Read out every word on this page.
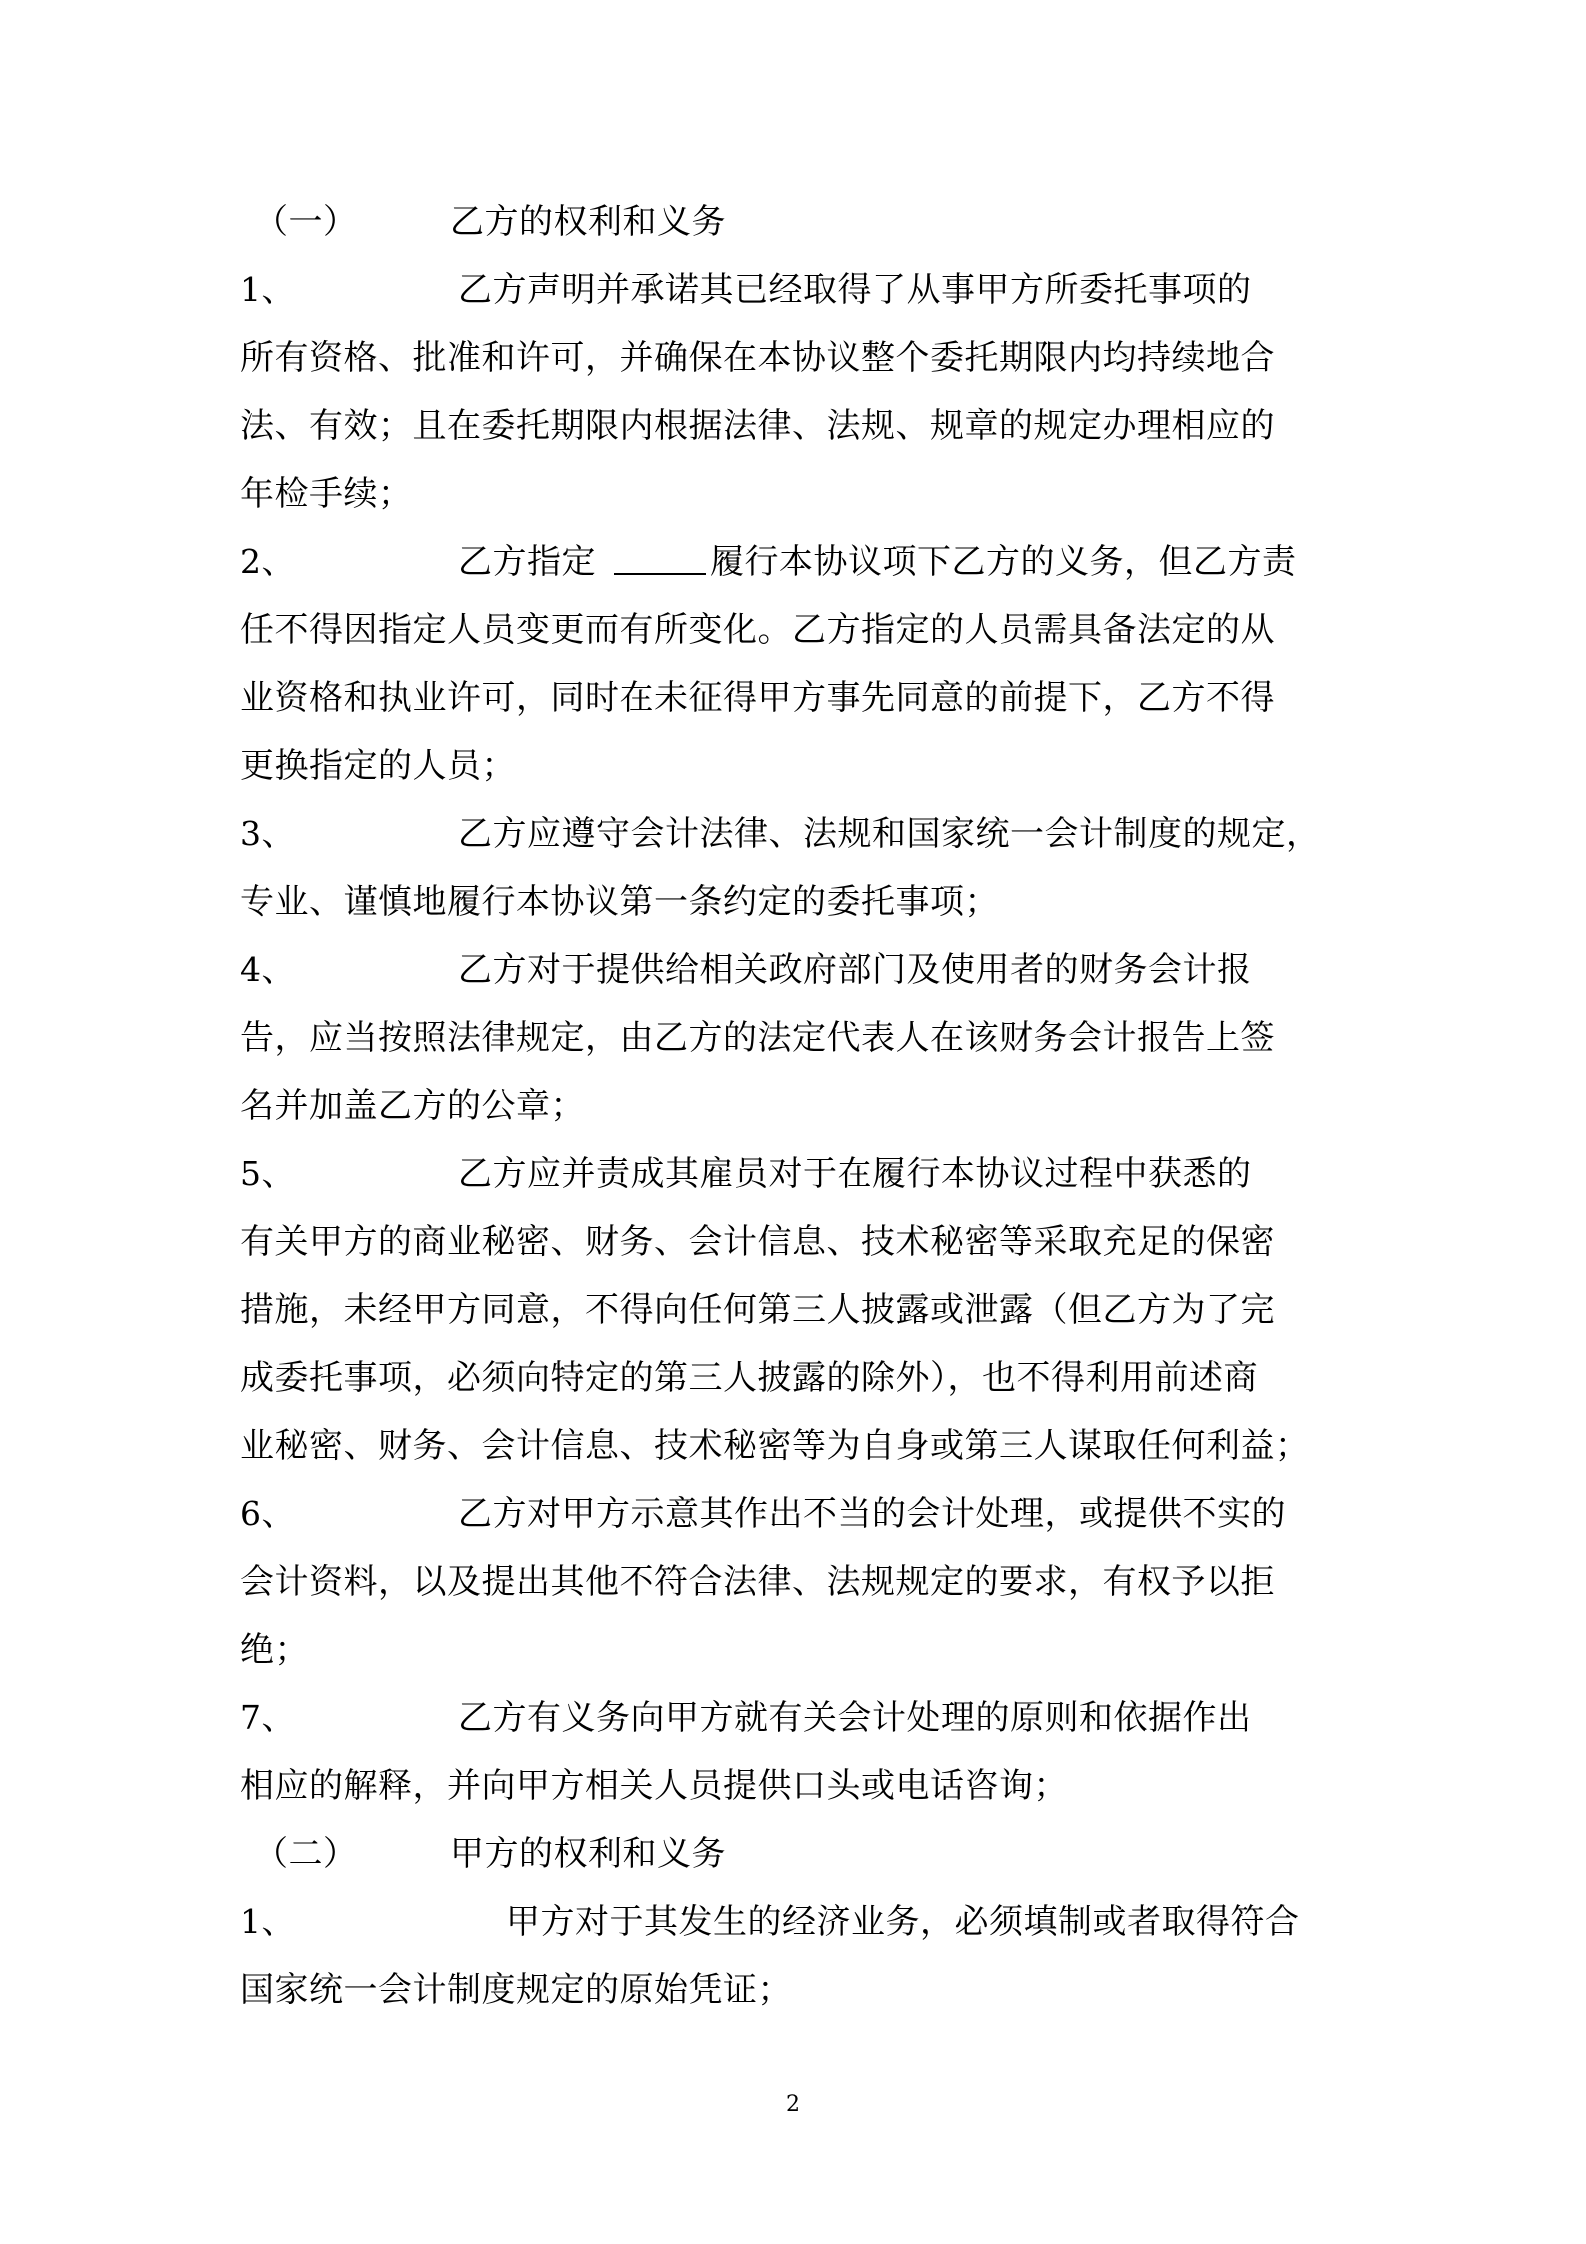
（一）	乙方的权利和义务
1、	乙方声明并承诺其已经取得了从事甲方所委托事项的
所有资格、批准和许可，并确保在本协议整个委托期限内均持续地合
法、有效；且在委托期限内根据法律、法规、规章的规定办理相应的
年检手续；
2、	乙方指定	履行本协议项下乙方的义务，但乙方责
任不得因指定人员变更而有所变化。乙方指定的人员需具备法定的从
业资格和执业许可，同时在未征得甲方事先同意的前提下，乙方不得
更换指定的人员；
3、	乙方应遵守会计法律、法规和国家统一会计制度的规定，
专业、谨慎地履行本协议第一条约定的委托事项；
4、	乙方对于提供给相关政府部门及使用者的财务会计报
告，应当按照法律规定，由乙方的法定代表人在该财务会计报告上签
名并加盖乙方的公章；
5、	乙方应并责成其雇员对于在履行本协议过程中获悉的
有关甲方的商业秘密、财务、会计信息、技术秘密等采取充足的保密
措施，未经甲方同意，不得向任何第三人披露或泄露（但乙方为了完
成委托事项，必须向特定的第三人披露的除外），也不得利用前述商
业秘密、财务、会计信息、技术秘密等为自身或第三人谋取任何利益；
6、	乙方对甲方示意其作出不当的会计处理，或提供不实的
会计资料，以及提出其他不符合法律、法规规定的要求，有权予以拒
绝；
7、	乙方有义务向甲方就有关会计处理的原则和依据作出
相应的解释，并向甲方相关人员提供口头或电话咨询；
（二）	甲方的权利和义务
1、	甲方对于其发生的经济业务，必须填制或者取得符合
国家统一会计制度规定的原始凭证；
2
